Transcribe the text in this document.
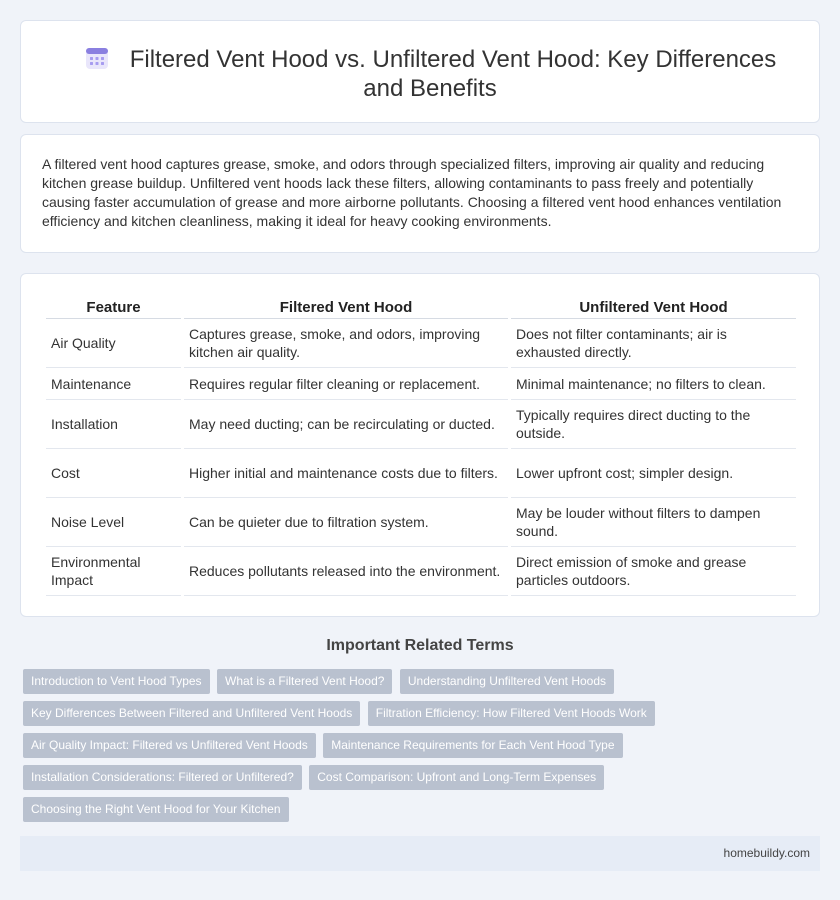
Filtered Vent Hood vs. Unfiltered Vent Hood: Key Differences and Benefits

A filtered vent hood captures grease, smoke, and odors through specialized filters, improving air quality and reducing kitchen grease buildup. Unfiltered vent hoods lack these filters, allowing contaminants to pass freely and potentially causing faster accumulation of grease and more airborne pollutants. Choosing a filtered vent hood enhances ventilation efficiency and kitchen cleanliness, making it ideal for heavy cooking environments.

Feature	Filtered Vent Hood	Unfiltered Vent Hood
Air Quality	Captures grease, smoke, and odors, improving kitchen air quality.	Does not filter contaminants; air is exhausted directly.
Maintenance	Requires regular filter cleaning or replacement.	Minimal maintenance; no filters to clean.
Installation	May need ducting; can be recirculating or ducted.	Typically requires direct ducting to the outside.
Cost	Higher initial and maintenance costs due to filters.	Lower upfront cost; simpler design.
Noise Level	Can be quieter due to filtration system.	May be louder without filters to dampen sound.
Environmental Impact	Reduces pollutants released into the environment.	Direct emission of smoke and grease particles outdoors.
Important Related Terms
Introduction to Vent Hood Types What is a Filtered Vent Hood? Understanding Unfiltered Vent Hoods
Key Differences Between Filtered and Unfiltered Vent Hoods Filtration Efficiency: How Filtered Vent Hoods Work
Air Quality Impact: Filtered vs Unfiltered Vent Hoods Maintenance Requirements for Each Vent Hood Type
Installation Considerations: Filtered or Unfiltered? Cost Comparison: Upfront and Long-Term Expenses
Choosing the Right Vent Hood for Your Kitchen
homebuildy.com
